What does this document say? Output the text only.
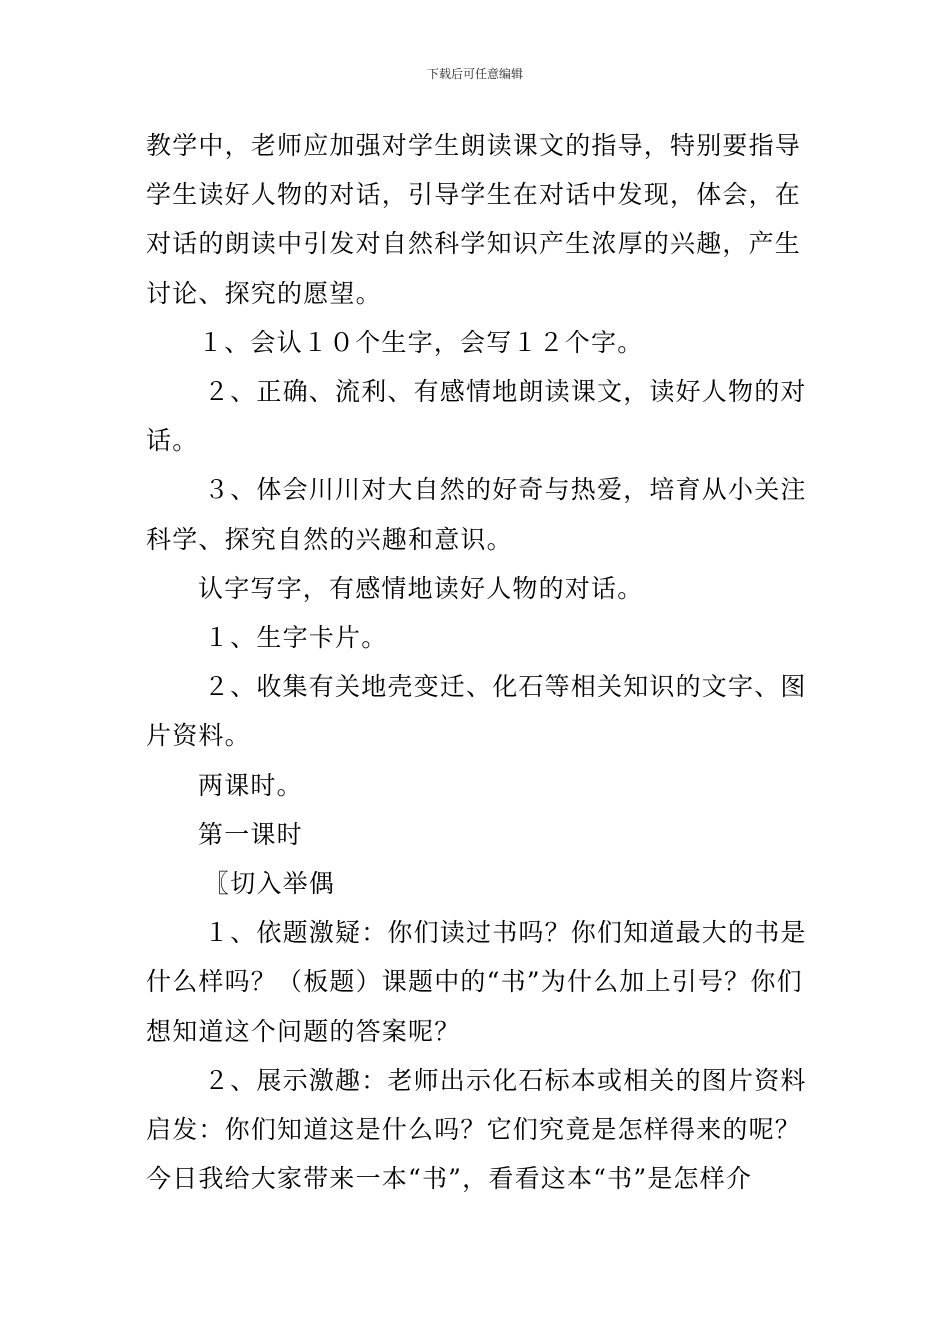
下载后可任意编辑

教学中，老师应加强对学生朗读课文的指导，特别要指导学生读好人物的对话，引导学生在对话中发现，体会，在对话的朗读中引发对自然科学知识产生浓厚的兴趣，产生讨论、探究的愿望。

１、会认１０个生字，会写１２个字。

２、正确、流利、有感情地朗读课文，读好人物的对话。

３、体会川川对大自然的好奇与热爱，培育从小关注科学、探究自然的兴趣和意识。

认字写字，有感情地读好人物的对话。

１、生字卡片。

２、收集有关地壳变迁、化石等相关知识的文字、图片资料。

两课时。

第一课时

〖切入举偶

１、依题激疑：你们读过书吗？你们知道最大的书是什么样吗？（板题）课题中的“书”为什么加上引号？你们想知道这个问题的答案呢？

２、展示激趣：老师出示化石标本或相关的图片资料启发：你们知道这是什么吗？它们究竟是怎样得来的呢？今日我给大家带来一本“书”，看看这本“书”是怎样介
